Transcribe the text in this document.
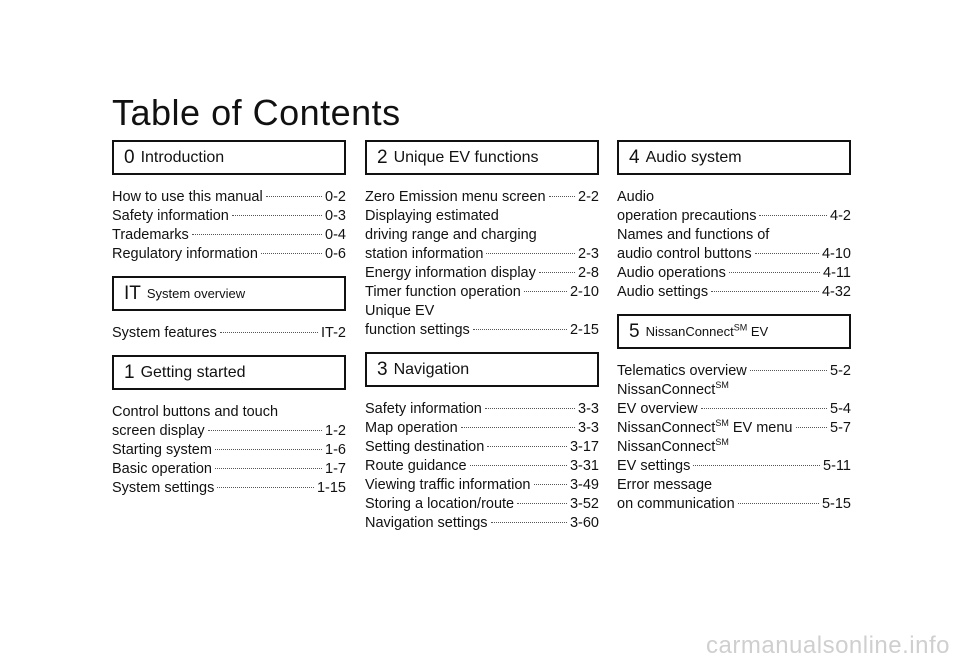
Table of Contents
0 Introduction
How to use this manual	0-2
Safety information	0-3
Trademarks	0-4
Regulatory information	0-6
IT System overview
System features	IT-2
1 Getting started
Control buttons and touch
screen display	1-2
Starting system	1-6
Basic operation	1-7
System settings	1-15
2 Unique EV functions
Zero Emission menu screen 2-2
Displaying estimated
driving range and charging
station information	2-3
Energy information display	2-8
Timer function operation	2-10
Unique EV
function settings	2-15
3 Navigation
Safety information	3-3
Map operation	3-3
Setting destination	3-17
Route guidance	3-31
Viewing traffic information	3-49
Storing a location/route	3-52
Navigation settings	3-60
4 Audio system
Audio
operation precautions	4-2
Names and functions of
audio control buttons	4-10
Audio operations	4-11
Audio settings	4-32
5 NissanConnect ℠ EV
Telematics overview	5-2
NissanConnect℠
EV overview	5-4
NissanConnect℠ EV menu	5-7
NissanConnect℠
EV settings	5-11
Error message
on communication	5-15
carmanualsonline.info
